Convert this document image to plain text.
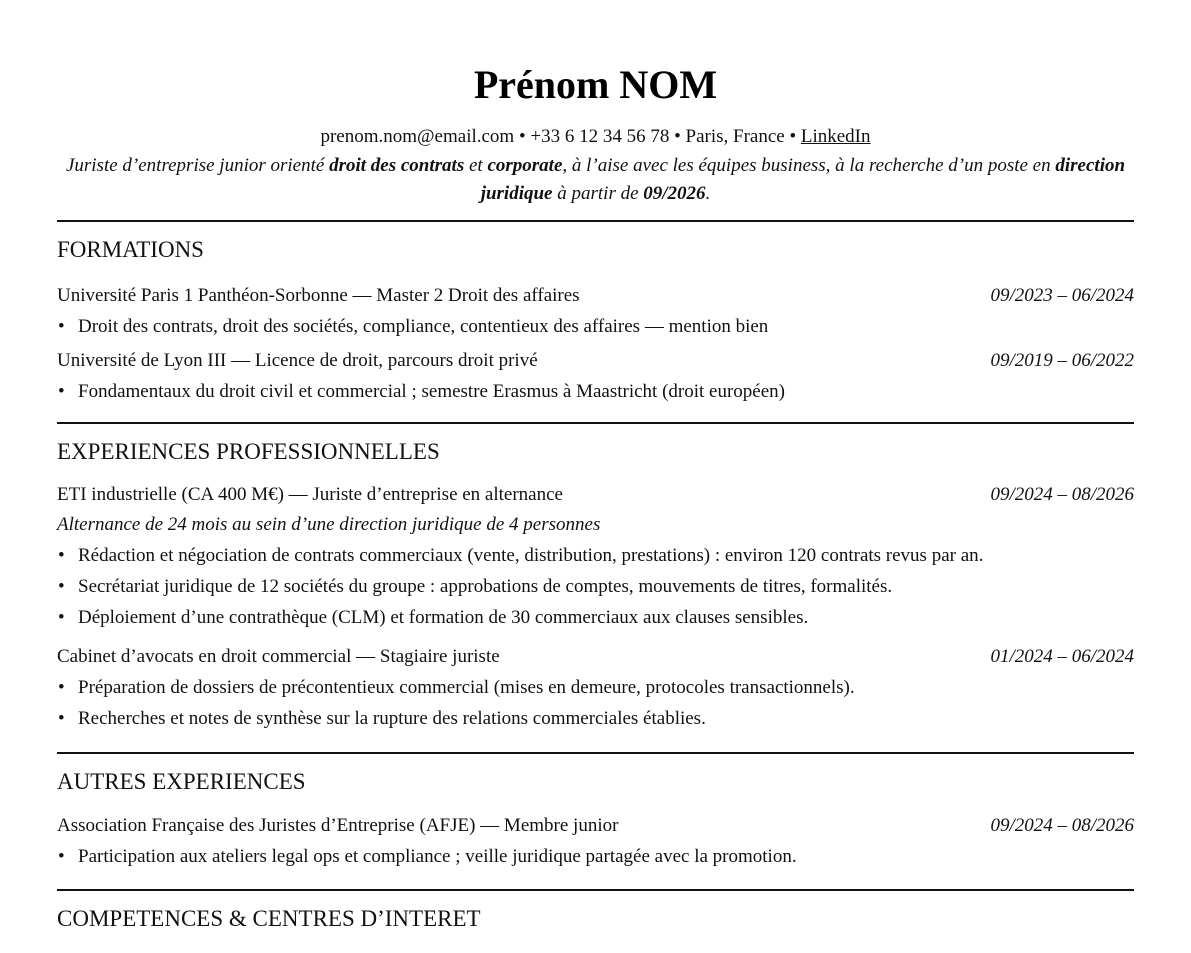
Prénom NOM
prenom.nom@email.com • +33 6 12 34 56 78 • Paris, France • LinkedIn
Juriste d’entreprise junior orienté droit des contrats et corporate, à l’aise avec les équipes business, à la recherche d’un poste en direction juridique à partir de 09/2026.
FORMATIONS
Université Paris 1 Panthéon-Sorbonne — Master 2 Droit des affaires	09/2023 – 06/2024
• Droit des contrats, droit des sociétés, compliance, contentieux des affaires — mention bien
Université de Lyon III — Licence de droit, parcours droit privé	09/2019 – 06/2022
• Fondamentaux du droit civil et commercial ; semestre Erasmus à Maastricht (droit européen)
EXPERIENCES PROFESSIONNELLES
ETI industrielle (CA 400 M€) — Juriste d’entreprise en alternance	09/2024 – 08/2026
Alternance de 24 mois au sein d’une direction juridique de 4 personnes
• Rédaction et négociation de contrats commerciaux (vente, distribution, prestations) : environ 120 contrats revus par an.
• Secrétariat juridique de 12 sociétés du groupe : approbations de comptes, mouvements de titres, formalités.
• Déploiement d’une contrathèque (CLM) et formation de 30 commerciaux aux clauses sensibles.
Cabinet d’avocats en droit commercial — Stagiaire juriste	01/2024 – 06/2024
• Préparation de dossiers de précontentieux commercial (mises en demeure, protocoles transactionnels).
• Recherches et notes de synthèse sur la rupture des relations commerciales établies.
AUTRES EXPERIENCES
Association Française des Juristes d’Entreprise (AFJE) — Membre junior	09/2024 – 08/2026
• Participation aux ateliers legal ops et compliance ; veille juridique partagée avec la promotion.
COMPETENCES & CENTRES D’INTERET
